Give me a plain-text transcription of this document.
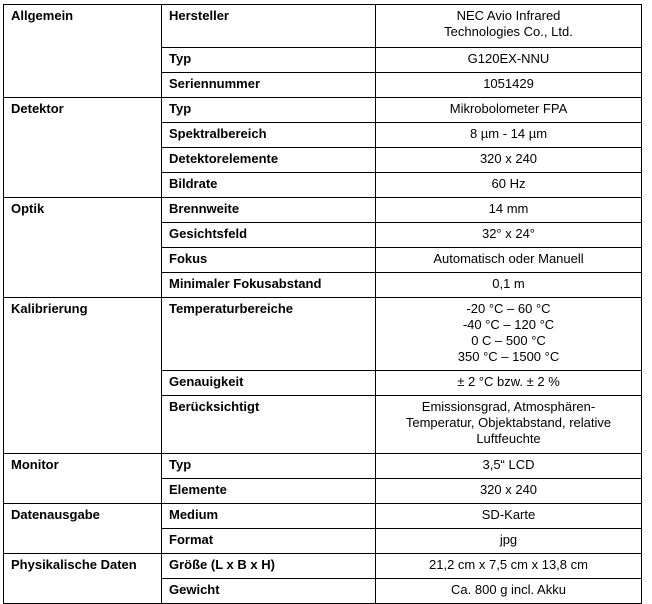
Allgemein	Hersteller	NEC Avio Infrared
Technologies Co., Ltd.

	Typ	G120EX-NNU
	Seriennummer	1051429
Detektor	Typ	Mikrobolometer FPA
	Spektralbereich	8 µm - 14 µm
	Detektorelemente	320 x 240
	Bildrate	60 Hz
Optik	Brennweite	14 mm
	Gesichtsfeld	32° x 24°
	Fokus	Automatisch oder Manuell
	Minimaler Fokusabstand	0,1 m
Kalibrierung	Temperaturbereiche	-20 °C – 60 °C
-40 °C – 120 °C
0 C – 500 °C
350 °C – 1500 °C

	Genauigkeit	± 2 °C bzw. ± 2 %
	Berücksichtigt	Emissionsgrad, Atmosphären-
Temperatur, Objektabstand, relative
Luftfeuchte

Monitor	Typ	3,5“ LCD
	Elemente	320 x 240
Datenausgabe	Medium	SD-Karte
	Format	jpg
Physikalische Daten	Größe (L x B x H)	21,2 cm x 7,5 cm x 13,8 cm
	Gewicht	Ca. 800 g incl. Akku
